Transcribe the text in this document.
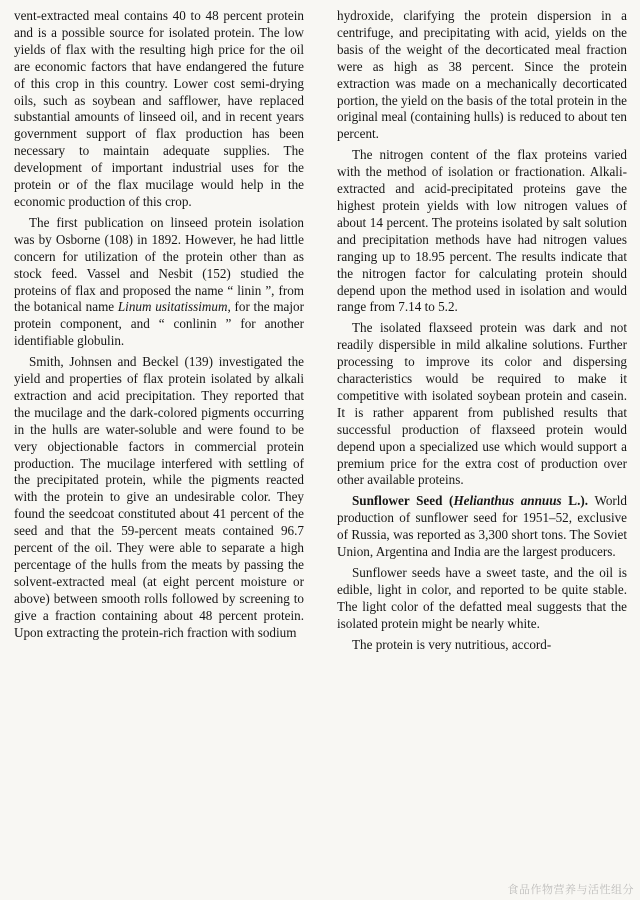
vent-extracted meal contains 40 to 48 percent protein and is a possible source for isolated protein. The low yields of flax with the resulting high price for the oil are economic factors that have endangered the future of this crop in this country. Lower cost semi-drying oils, such as soybean and safflower, have replaced substantial amounts of linseed oil, and in recent years government support of flax production has been necessary to maintain adequate supplies. The development of important industrial uses for the protein or of the flax mucilage would help in the economic production of this crop.

The first publication on linseed protein isolation was by Osborne (108) in 1892. However, he had little concern for utilization of the protein other than as stock feed. Vassel and Nesbit (152) studied the proteins of flax and proposed the name “ linin ”, from the botanical name Linum usitatissimum, for the major protein component, and “ conlinin ” for another identifiable globulin.

Smith, Johnsen and Beckel (139) investigated the yield and properties of flax protein isolated by alkali extraction and acid precipitation. They reported that the mucilage and the dark-colored pigments occurring in the hulls are water-soluble and were found to be very objectionable factors in commercial protein production. The mucilage interfered with settling of the precipitated protein, while the pigments reacted with the protein to give an undesirable color. They found the seedcoat constituted about 41 percent of the seed and that the 59-percent meats contained 96.7 percent of the oil. They were able to separate a high percentage of the hulls from the meats by passing the solvent-extracted meal (at eight percent moisture or above) between smooth rolls followed by screening to give a fraction containing about 48 percent protein. Upon extracting the protein-rich fraction with sodium

hydroxide, clarifying the protein dispersion in a centrifuge, and precipitating with acid, yields on the basis of the weight of the decorticated meal fraction were as high as 38 percent. Since the protein extraction was made on a mechanically decorticated portion, the yield on the basis of the total protein in the original meal (containing hulls) is reduced to about ten percent.

The nitrogen content of the flax proteins varied with the method of isolation or fractionation. Alkali-extracted and acid-precipitated proteins gave the highest protein yields with low nitrogen values of about 14 percent. The proteins isolated by salt solution and precipitation methods have had nitrogen values ranging up to 18.95 percent. The results indicate that the nitrogen factor for calculating protein should depend upon the method used in isolation and would range from 7.14 to 5.2.

The isolated flaxseed protein was dark and not readily dispersible in mild alkaline solutions. Further processing to improve its color and dispersing characteristics would be required to make it competitive with isolated soybean protein and casein. It is rather apparent from published results that successful production of flaxseed protein would depend upon a specialized use which would support a premium price for the extra cost of production over other available proteins.

Sunflower Seed (Helianthus annuus L.). World production of sunflower seed for 1951–52, exclusive of Russia, was reported as 3,300 short tons. The Soviet Union, Argentina and India are the largest producers.

Sunflower seeds have a sweet taste, and the oil is edible, light in color, and reported to be quite stable. The light color of the defatted meal suggests that the isolated protein might be nearly white.

The protein is very nutritious, accord-

食品作物营养与活性组分
